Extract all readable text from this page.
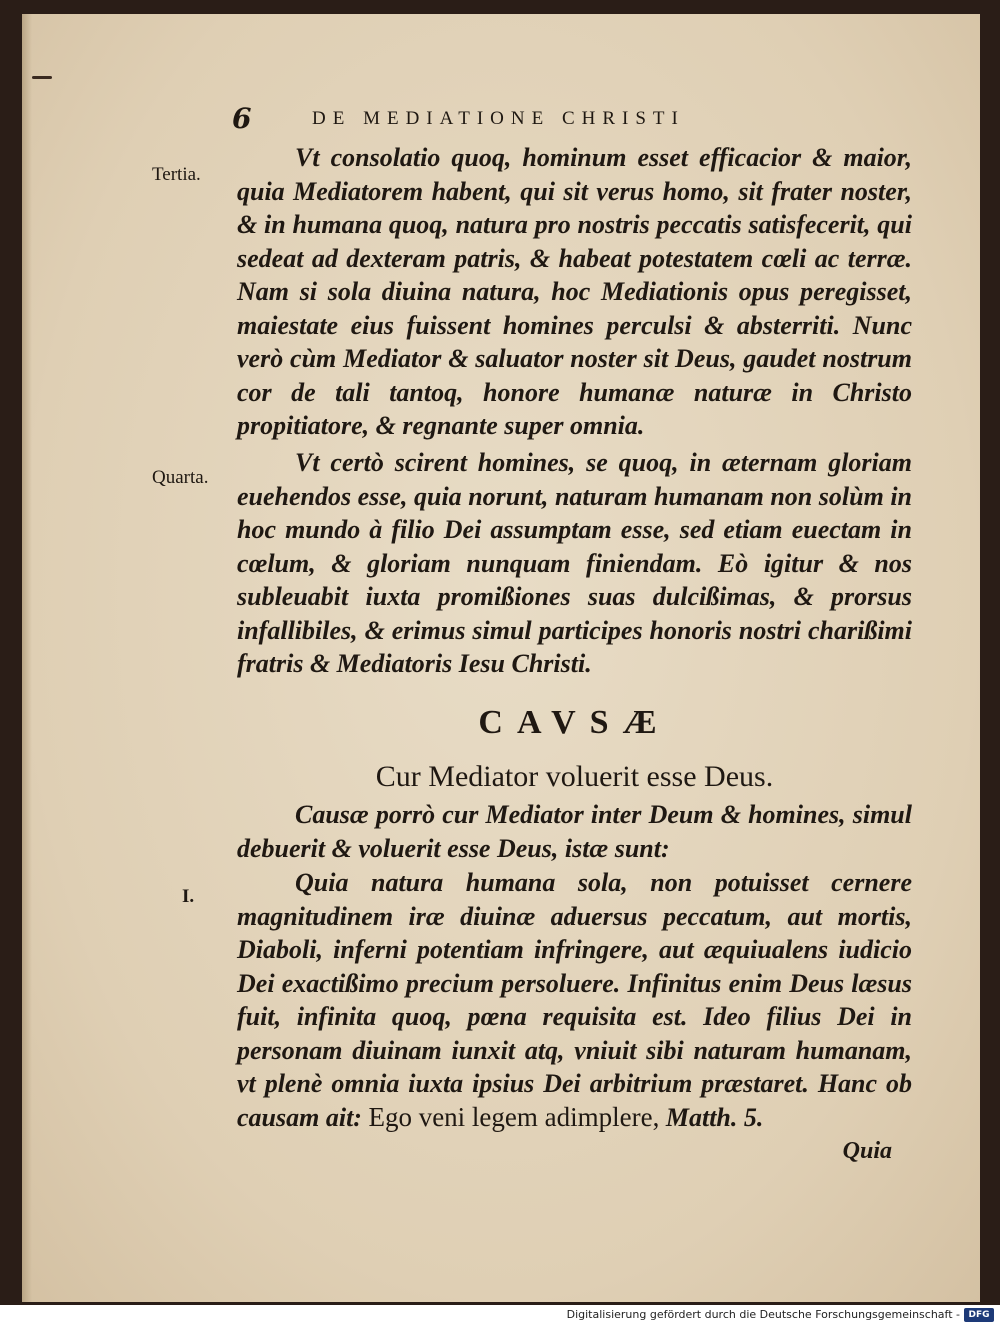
6	DE MEDIATIONE CHRISTI
Tertia.

Vt consolatio quoq, hominum esset efficacior & maior, quia Mediatorem habent, qui sit verus homo, sit frater noster, & in humana quoq, natura pro nostris peccatis satisfecerit, qui sedeat ad dexteram patris, & habeat potestatem cœli ac terræ. Nam si sola diuina natura, hoc Mediationis opus peregisset, maiestate eius fuissent homines perculsi & absterriti. Nunc verò cùm Mediator & saluator noster sit Deus, gaudet nostrum cor de tali tantoq, honore humanæ naturæ in Christo propitiatore, & regnante super omnia.

Quarta.

Vt certò scirent homines, se quoq, in æternam gloriam euehendos esse, quia norunt, naturam humanam non solùm in hoc mundo à filio Dei assumptam esse, sed etiam euectam in cœlum, & gloriam nunquam finiendam. Eò igitur & nos subleuabit iuxta promißiones suas dulcißimas, & prorsus infallibiles, & erimus simul participes honoris nostri charißimi fratris & Mediatoris Iesu Christi.

CAVSÆ
Cur Mediator voluerit esse Deus.

Causæ porrò cur Mediator inter Deum & homines, simul debuerit & voluerit esse Deus, istæ sunt:

I.	Quia natura humana sola, non potuisset cernere magnitudinem iræ diuinæ aduersus peccatum, aut mortis, Diaboli, inferni potentiam infringere, aut æquiualens iudicio Dei exactißimo precium persoluere. Infinitus enim Deus læsus fuit, infinita quoq, pœna requisita est. Ideo filius Dei in personam diuinam iunxit atq, vniuit sibi naturam humanam, vt plenè omnia iuxta ipsius Dei arbitrium præstaret. Hanc ob causam ait: Ego veni legem adimplere, Matth. 5.

Quia
Digitalisierung gefördert durch die Deutsche Forschungsgemeinschaft - DFG
